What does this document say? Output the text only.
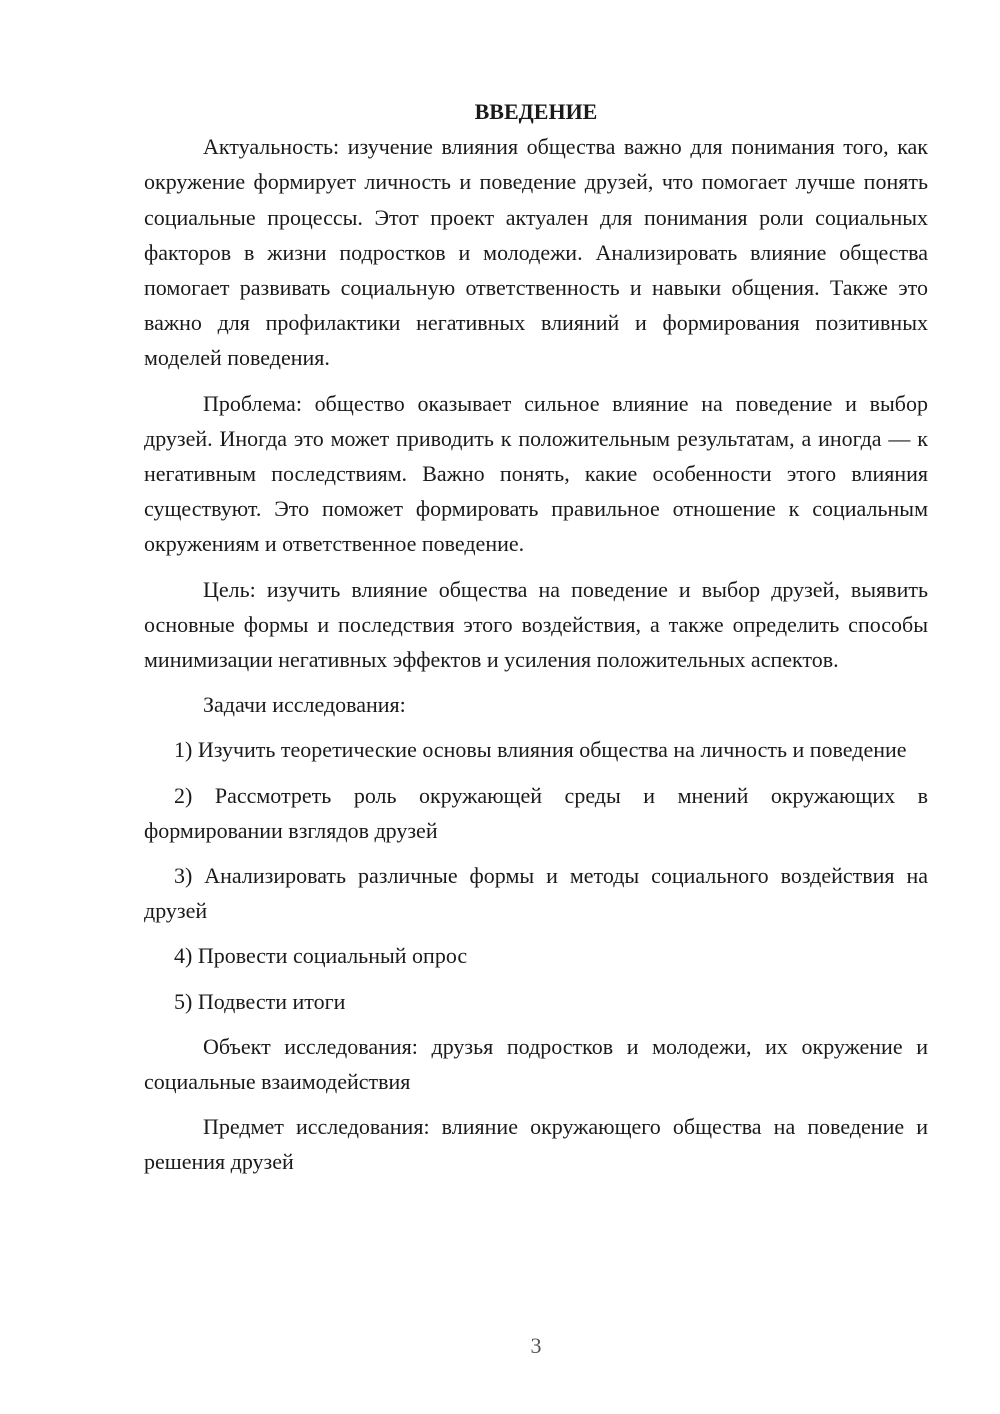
ВВЕДЕНИЕ

Актуальность: изучение влияния общества важно для понимания того, как окружение формирует личность и поведение друзей, что помогает лучше понять социальные процессы. Этот проект актуален для понимания роли социальных факторов в жизни подростков и молодежи. Анализировать влияние общества помогает развивать социальную ответственность и навыки общения. Также это важно для профилактики негативных влияний и формирования позитивных моделей поведения.

Проблема: общество оказывает сильное влияние на поведение и выбор друзей. Иногда это может приводить к положительным результатам, а иногда — к негативным последствиям. Важно понять, какие особенности этого влияния существуют. Это поможет формировать правильное отношение к социальным окружениям и ответственное поведение.

Цель: изучить влияние общества на поведение и выбор друзей, выявить основные формы и последствия этого воздействия, а также определить способы минимизации негативных эффектов и усиления положительных аспектов.

Задачи исследования:

1) Изучить теоретические основы влияния общества на личность и поведение

2) Рассмотреть роль окружающей среды и мнений окружающих в формировании взглядов друзей

3) Анализировать различные формы и методы социального воздействия на друзей

4) Провести социальный опрос

5) Подвести итоги

Объект исследования: друзья подростков и молодежи, их окружение и социальные взаимодействия

Предмет исследования: влияние окружающего общества на поведение и решения друзей

3
